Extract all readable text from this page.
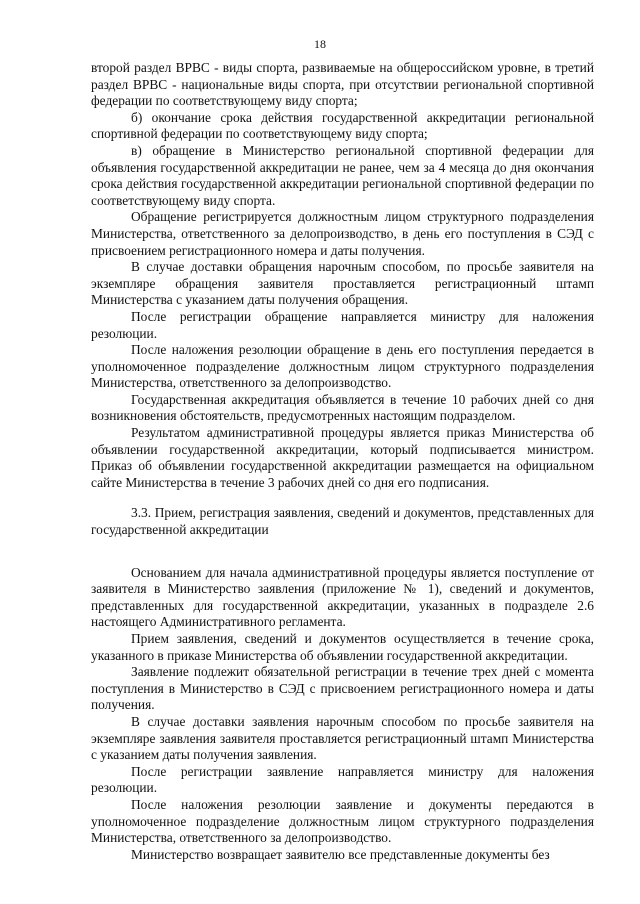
18

второй раздел ВРВС - виды спорта, развиваемые на общероссийском уровне, в третий раздел ВРВС - национальные виды спорта, при отсутствии региональной спортивной федерации по соответствующему виду спорта;

б) окончание срока действия государственной аккредитации региональной спортивной федерации по соответствующему виду спорта;

в) обращение в Министерство региональной спортивной федерации для объявления государственной аккредитации не ранее, чем за 4 месяца до дня окончания срока действия государственной аккредитации региональной спортивной федерации по соответствующему виду спорта.

Обращение регистрируется должностным лицом структурного подразделения Министерства, ответственного за делопроизводство, в день его поступления в СЭД с присвоением регистрационного номера и даты получения.

В случае доставки обращения нарочным способом, по просьбе заявителя на экземпляре обращения заявителя проставляется регистрационный штамп Министерства с указанием даты получения обращения.

После регистрации обращение направляется министру для наложения резолюции.

После наложения резолюции обращение в день его поступления передается в уполномоченное подразделение должностным лицом структурного подразделения Министерства, ответственного за делопроизводство.

Государственная аккредитация объявляется в течение 10 рабочих дней со дня возникновения обстоятельств, предусмотренных настоящим подразделом.

Результатом административной процедуры является приказ Министерства об объявлении государственной аккредитации, который подписывается министром. Приказ об объявлении государственной аккредитации размещается на официальном сайте Министерства в течение 3 рабочих дней со дня его подписания.

3.3. Прием, регистрация заявления, сведений и документов, представленных для государственной аккредитации

Основанием для начала административной процедуры является поступление от заявителя в Министерство заявления (приложение № 1), сведений и документов, представленных для государственной аккредитации, указанных в подразделе 2.6 настоящего Административного регламента.

Прием заявления, сведений и документов осуществляется в течение срока, указанного в приказе Министерства об объявлении государственной аккредитации.

Заявление подлежит обязательной регистрации в течение трех дней с момента поступления в Министерство в СЭД с присвоением регистрационного номера и даты получения.

В случае доставки заявления нарочным способом по просьбе заявителя на экземпляре заявления заявителя проставляется регистрационный штамп Министерства с указанием даты получения заявления.

После регистрации заявление направляется министру для наложения резолюции.

После наложения резолюции заявление и документы передаются в уполномоченное подразделение должностным лицом структурного подразделения Министерства, ответственного за делопроизводство.

Министерство возвращает заявителю все представленные документы без
